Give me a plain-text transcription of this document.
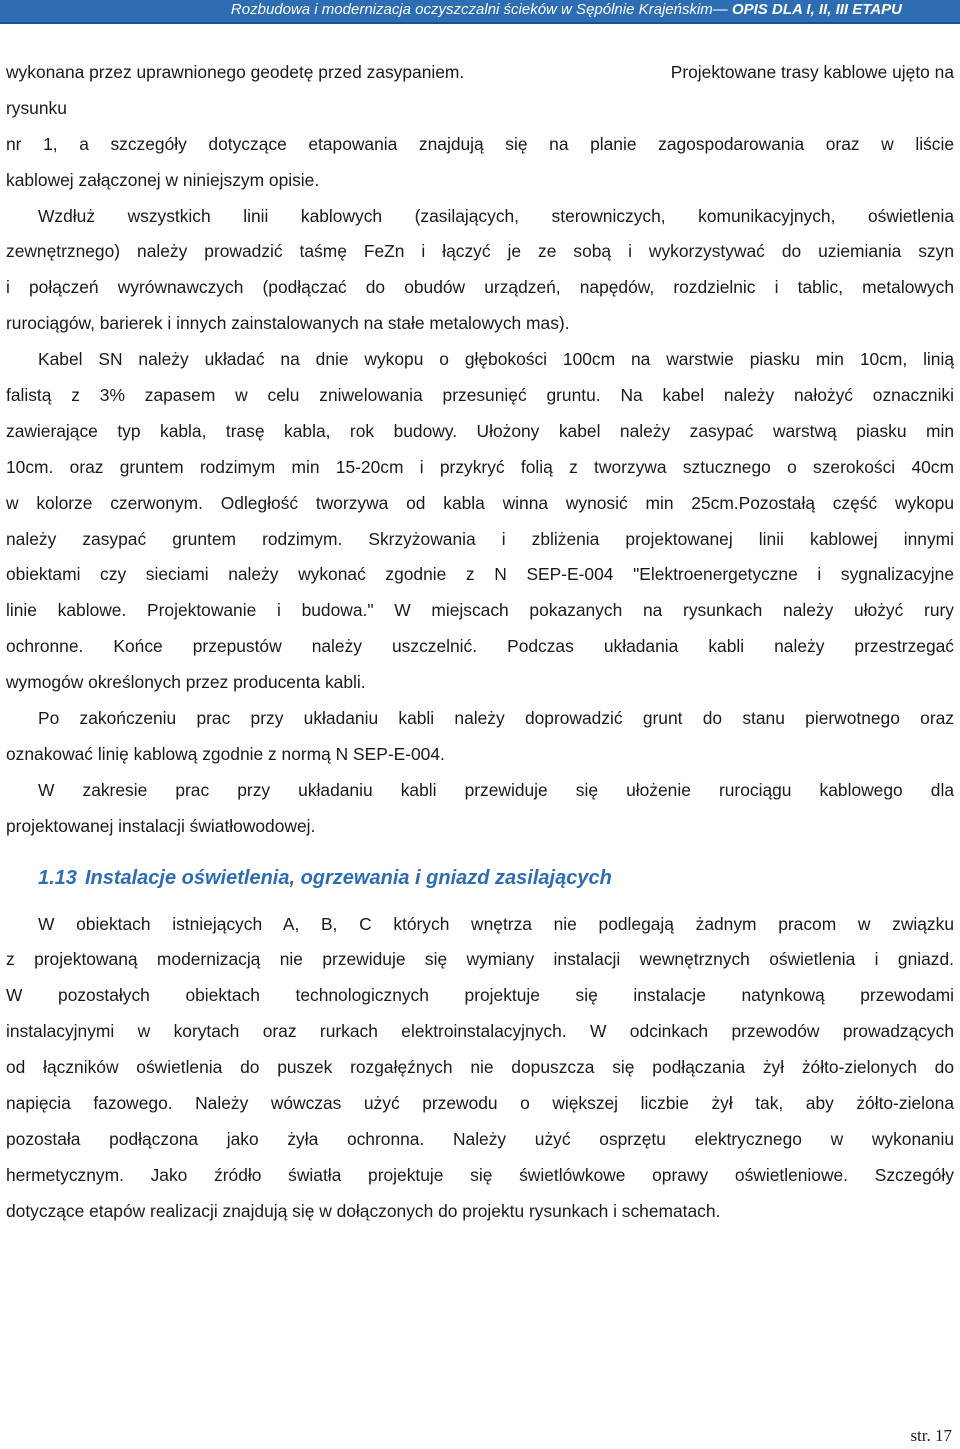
Rozbudowa i modernizacja oczyszczalni ścieków w Sępólnie Krajeńskim— OPIS DLA I, II, III ETAPU
wykonana przez uprawnionego geodetę przed zasypaniem.	Projektowane trasy kablowe ujęto na
rysunku
nr 1, a szczegóły dotyczące etapowania znajdują się na planie zagospodarowania oraz w liście
kablowej załączonej w niniejszym opisie.
Wzdłuż wszystkich linii kablowych (zasilających, sterowniczych, komunikacyjnych, oświetlenia
zewnętrznego) należy prowadzić taśmę FeZn i łączyć je ze sobą i wykorzystywać do uziemiania szyn
i połączeń wyrównawczych (podłączać do obudów urządzeń, napędów, rozdzielnic i tablic, metalowych
rurociągów, barierek i innych zainstalowanych na stałe metalowych mas).
Kabel SN należy układać na dnie wykopu o głębokości 100cm na warstwie piasku min 10cm, linią
falistą z 3% zapasem w celu zniwelowania przesunięć gruntu. Na kabel należy nałożyć oznaczniki
zawierające typ kabla, trasę kabla, rok budowy. Ułożony kabel należy zasypać warstwą piasku min
10cm. oraz gruntem rodzimym min 15-20cm i przykryć folią z tworzywa sztucznego o szerokości 40cm
w kolorze czerwonym. Odległość tworzywa od kabla winna wynosić min 25cm.Pozostałą część wykopu
należy zasypać gruntem rodzimym. Skrzyżowania i zbliżenia projektowanej linii kablowej innymi
obiektami czy sieciami należy wykonać zgodnie z N SEP-E-004 "Elektroenergetyczne i sygnalizacyjne
linie kablowe. Projektowanie i budowa." W miejscach pokazanych na rysunkach należy ułożyć rury
ochronne. Końce przepustów należy uszczelnić. Podczas układania kabli należy przestrzegać
wymogów określonych przez producenta kabli.
Po zakończeniu prac przy układaniu kabli należy doprowadzić grunt do stanu pierwotnego oraz
oznakować linię kablową zgodnie z normą N SEP-E-004.
W zakresie prac przy układaniu kabli przewiduje się ułożenie rurociągu kablowego dla
projektowanej instalacji światłowodowej.
1.13 Instalacje oświetlenia, ogrzewania i gniazd zasilających
W obiektach istniejących A, B, C których wnętrza nie podlegają żadnym pracom w związku
z projektowaną modernizacją nie przewiduje się wymiany instalacji wewnętrznych oświetlenia i gniazd.
W pozostałych obiektach technologicznych projektuje się instalacje natynkową przewodami
instalacyjnymi w korytach oraz rurkach elektroinstalacyjnych. W odcinkach przewodów prowadzących
od łączników oświetlenia do puszek rozgałęźnych nie dopuszcza się podłączania żył żółto-zielonych do
napięcia fazowego. Należy wówczas użyć przewodu o większej liczbie żył tak, aby żółto-zielona
pozostała podłączona jako żyła ochronna. Należy użyć osprzętu elektrycznego w wykonaniu
hermetycznym. Jako źródło światła projektuje się świetlówkowe oprawy oświetleniowe. Szczegóły
dotyczące etapów realizacji znajdują się w dołączonych do projektu rysunkach i schematach.
str. 17
